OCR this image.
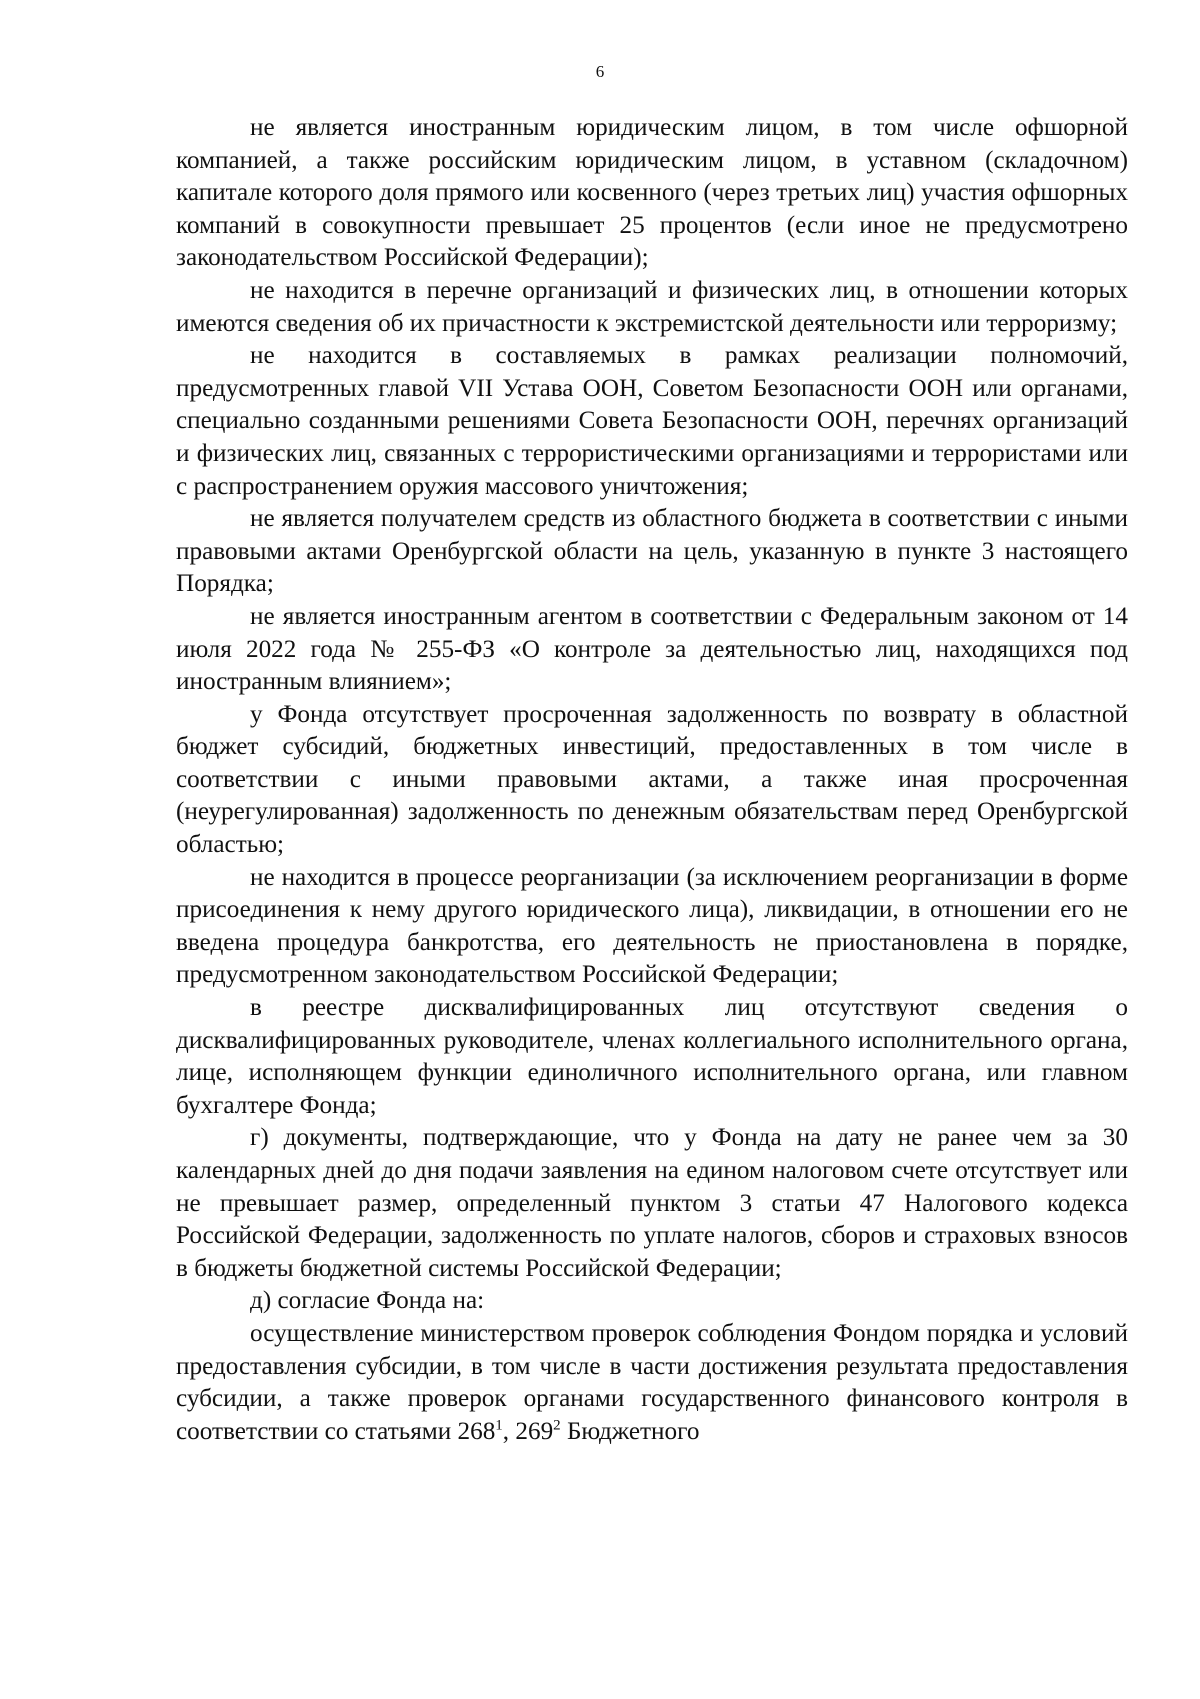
6

не является иностранным юридическим лицом, в том числе офшорной компанией, а также российским юридическим лицом, в уставном (складочном) капитале которого доля прямого или косвенного (через третьих лиц) участия офшорных компаний в совокупности превышает 25 процентов (если иное не предусмотрено законодательством Российской Федерации);

не находится в перечне организаций и физических лиц, в отношении которых имеются сведения об их причастности к экстремистской деятельности или терроризму;

не находится в составляемых в рамках реализации полномочий, предусмотренных главой VII Устава ООН, Советом Безопасности ООН или органами, специально созданными решениями Совета Безопасности ООН, перечнях организаций и физических лиц, связанных с террористическими организациями и террористами или с распространением оружия массового уничтожения;

не является получателем средств из областного бюджета в соответствии с иными правовыми актами Оренбургской области на цель, указанную в пункте 3 настоящего Порядка;

не является иностранным агентом в соответствии с Федеральным законом от 14 июля 2022 года № 255-ФЗ «О контроле за деятельностью лиц, находящихся под иностранным влиянием»;

у Фонда отсутствует просроченная задолженность по возврату в областной бюджет субсидий, бюджетных инвестиций, предоставленных в том числе в соответствии с иными правовыми актами, а также иная просроченная (неурегулированная) задолженность по денежным обязательствам перед Оренбургской областью;

не находится в процессе реорганизации (за исключением реорганизации в форме присоединения к нему другого юридического лица), ликвидации, в отношении его не введена процедура банкротства, его деятельность не приостановлена в порядке, предусмотренном законодательством Российской Федерации;

в реестре дисквалифицированных лиц отсутствуют сведения о дисквалифицированных руководителе, членах коллегиального исполнительного органа, лице, исполняющем функции единоличного исполнительного органа, или главном бухгалтере Фонда;

г) документы, подтверждающие, что у Фонда на дату не ранее чем за 30 календарных дней до дня подачи заявления на едином налоговом счете отсутствует или не превышает размер, определенный пунктом 3 статьи 47 Налогового кодекса Российской Федерации, задолженность по уплате налогов, сборов и страховых взносов в бюджеты бюджетной системы Российской Федерации;

д) согласие Фонда на:

осуществление министерством проверок соблюдения Фондом порядка и условий предоставления субсидии, в том числе в части достижения результата предоставления субсидии, а также проверок органами государственного финансового контроля в соответствии со статьями $268^1$, $269^2$ Бюджетного
